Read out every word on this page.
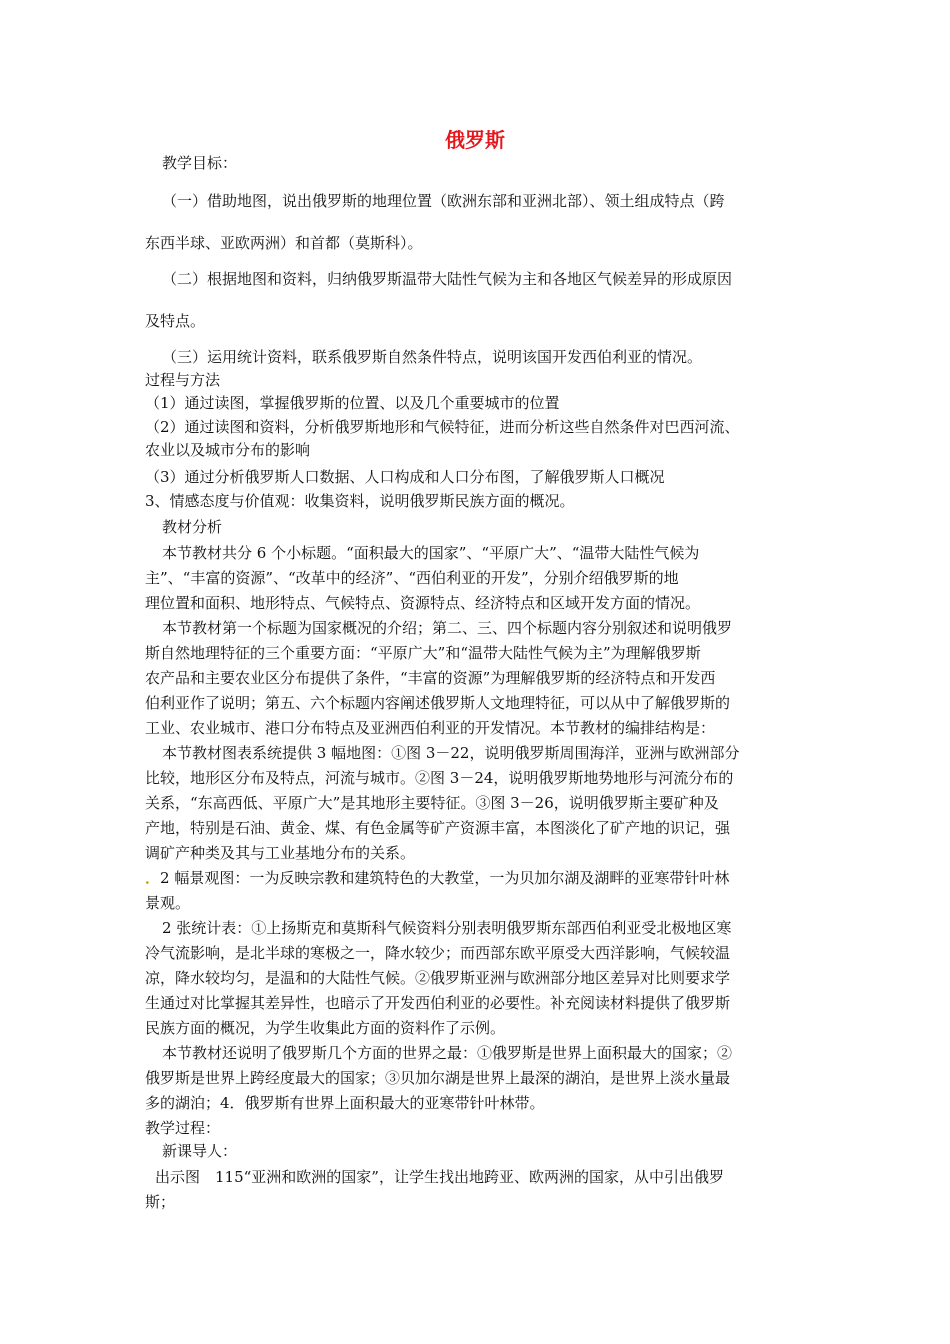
俄罗斯
教学目标：
（一）借助地图，说出俄罗斯的地理位置（欧洲东部和亚洲北部）、领土组成特点（跨
东西半球、亚欧两洲）和首都（莫斯科）。
（二）根据地图和资料，归纳俄罗斯温带大陆性气候为主和各地区气候差异的形成原因
及特点。
（三）运用统计资料，联系俄罗斯自然条件特点，说明该国开发西伯利亚的情况。
过程与方法
（1）通过读图，掌握俄罗斯的位置、以及几个重要城市的位置
（2）通过读图和资料，分析俄罗斯地形和气候特征，进而分析这些自然条件对巴西河流、
农业以及城市分布的影响
（3）通过分析俄罗斯人口数据、人口构成和人口分布图，了解俄罗斯人口概况
3、情感态度与价值观：收集资料，说明俄罗斯民族方面的概况。
教材分析
本节教材共分 6 个小标题。“面积最大的国家”、“平原广大”、“温带大陆性气候为
主”、“丰富的资源”、“改革中的经济”、“西伯利亚的开发”，分别介绍俄罗斯的地
理位置和面积、地形特点、气候特点、资源特点、经济特点和区域开发方面的情况。
本节教材第一个标题为国家概况的介绍；第二、三、四个标题内容分别叙述和说明俄罗
斯自然地理特征的三个重要方面：“平原广大”和“温带大陆性气候为主”为理解俄罗斯
农产品和主要农业区分布提供了条件，“丰富的资源”为理解俄罗斯的经济特点和开发西
伯利亚作了说明；第五、六个标题内容阐述俄罗斯人文地理特征，可以从中了解俄罗斯的
工业、农业城市、港口分布特点及亚洲西伯利亚的开发情况。本节教材的编排结构是：
本节教材图表系统提供 3 幅地图：①图 3－22，说明俄罗斯周围海洋，亚洲与欧洲部分
比较，地形区分布及特点，河流与城市。②图 3－24，说明俄罗斯地势地形与河流分布的
关系，“东高西低、平原广大”是其地形主要特征。③图 3－26，说明俄罗斯主要矿种及
产地，特别是石油、黄金、煤、有色金属等矿产资源丰富，本图淡化了矿产地的识记，强
调矿产种类及其与工业基地分布的关系。
．2 幅景观图：一为反映宗教和建筑特色的大教堂，一为贝加尔湖及湖畔的亚寒带针叶林
景观。
2 张统计表：①上扬斯克和莫斯科气候资料分别表明俄罗斯东部西伯利亚受北极地区寒
冷气流影响，是北半球的寒极之一，降水较少；而西部东欧平原受大西洋影响，气候较温
凉，降水较均匀，是温和的大陆性气候。②俄罗斯亚洲与欧洲部分地区差异对比则要求学
生通过对比掌握其差异性，也暗示了开发西伯利亚的必要性。补充阅读材料提供了俄罗斯
民族方面的概况，为学生收集此方面的资料作了示例。
本节教材还说明了俄罗斯几个方面的世界之最：①俄罗斯是世界上面积最大的国家；②
俄罗斯是世界上跨经度最大的国家；③贝加尔湖是世界上最深的湖泊，是世界上淡水量最
多的湖泊；4．俄罗斯有世界上面积最大的亚寒带针叶林带。
教学过程：
新课导人：
出示图　115“亚洲和欧洲的国家”，让学生找出地跨亚、欧两洲的国家，从中引出俄罗
斯；
